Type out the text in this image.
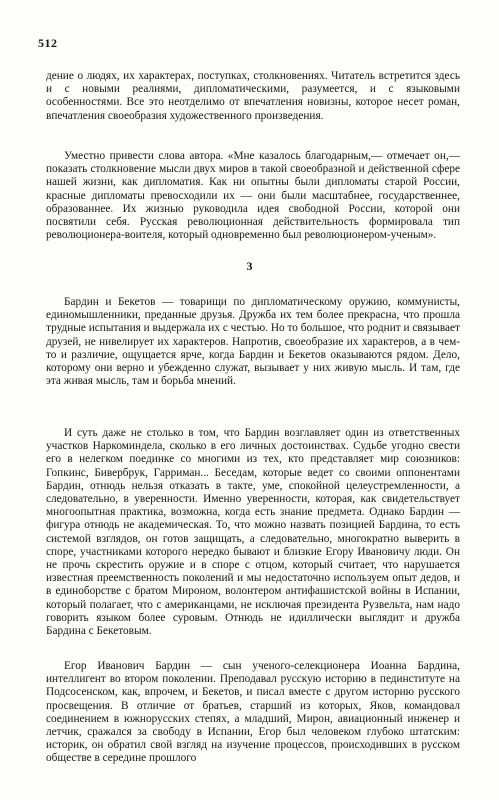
512

дение о людях, их характерах, поступках, столкновениях. Читатель встретится здесь и с новыми реалиями, дипломатическими, разумеется, и с языковыми особенностями. Все это неотделимо от впечатления новизны, которое несет роман, впечатления своеобразия художественного произведения.

Уместно привести слова автора. «Мне казалось благодарным,— отмечает он,— показать столкновение мысли двух миров в такой своеобразной и действенной сфере нашей жизни, как дипломатия. Как ни опытны были дипломаты старой России, красные дипломаты превосходили их — они были масштабнее, государственнее, образованнее. Их жизнью руководила идея свободной России, которой они посвятили себя. Русская революционная действительность формировала тип революционера-воителя, который одновременно был революционером-ученым».

3

Бардин и Бекетов — товарищи по дипломатическому оружию, коммунисты, единомышленники, преданные друзья. Дружба их тем более прекрасна, что прошла трудные испытания и выдержала их с честью. Но то большое, что роднит и связывает друзей, не нивелирует их характеров. Напротив, своеобразие их характеров, а в чем-то и различие, ощущается ярче, когда Бардин и Бекетов оказываются рядом. Дело, которому они верно и убежденно служат, вызывает у них живую мысль. И там, где эта живая мысль, там и борьба мнений.

И суть даже не столько в том, что Бардин возглавляет один из ответственных участков Наркоминдела, сколько в его личных достоинствах. Судьбе угодно свести его в нелегком поединке со многими из тех, кто представляет мир союзников: Гопкинс, Бивербрук, Гарриман... Беседам, которые ведет со своими оппонентами Бардин, отнюдь нельзя отказать в такте, уме, спокойной целеустремленности, а следовательно, в уверенности. Именно уверенности, которая, как свидетельствует многоопытная практика, возможна, когда есть знание предмета. Однако Бардин — фигура отнюдь не академическая. То, что можно назвать позицией Бардина, то есть системой взглядов, он готов защищать, а следовательно, многократно выверить в споре, участниками которого нередко бывают и близкие Егору Ивановичу люди. Он не прочь скрестить оружие и в споре с отцом, который считает, что нарушается известная преемственность поколений и мы недостаточно используем опыт дедов, и в единоборстве с братом Мироном, волонтером антифашистской войны в Испании, который полагает, что с американцами, не исключая президента Рузвельта, нам надо говорить языком более суровым. Отнюдь не идиллически выглядит и дружба Бардина с Бекетовым.

Егор Иванович Бардин — сын ученого-селекционера Иоанна Бардина, интеллигент во втором поколении. Преподавал русскую историю в пединституте на Подсосенском, как, впрочем, и Бекетов, и писал вместе с другом историю русского просвещения. В отличие от братьев, старший из которых, Яков, командовал соединением в южнорусских степях, а младший, Мирон, авиационный инженер и летчик, сражался за свободу в Испании, Егор был человеком глубоко штатским: историк, он обратил свой взгляд на изучение процессов, происходивших в русском обществе в середине прошлого
